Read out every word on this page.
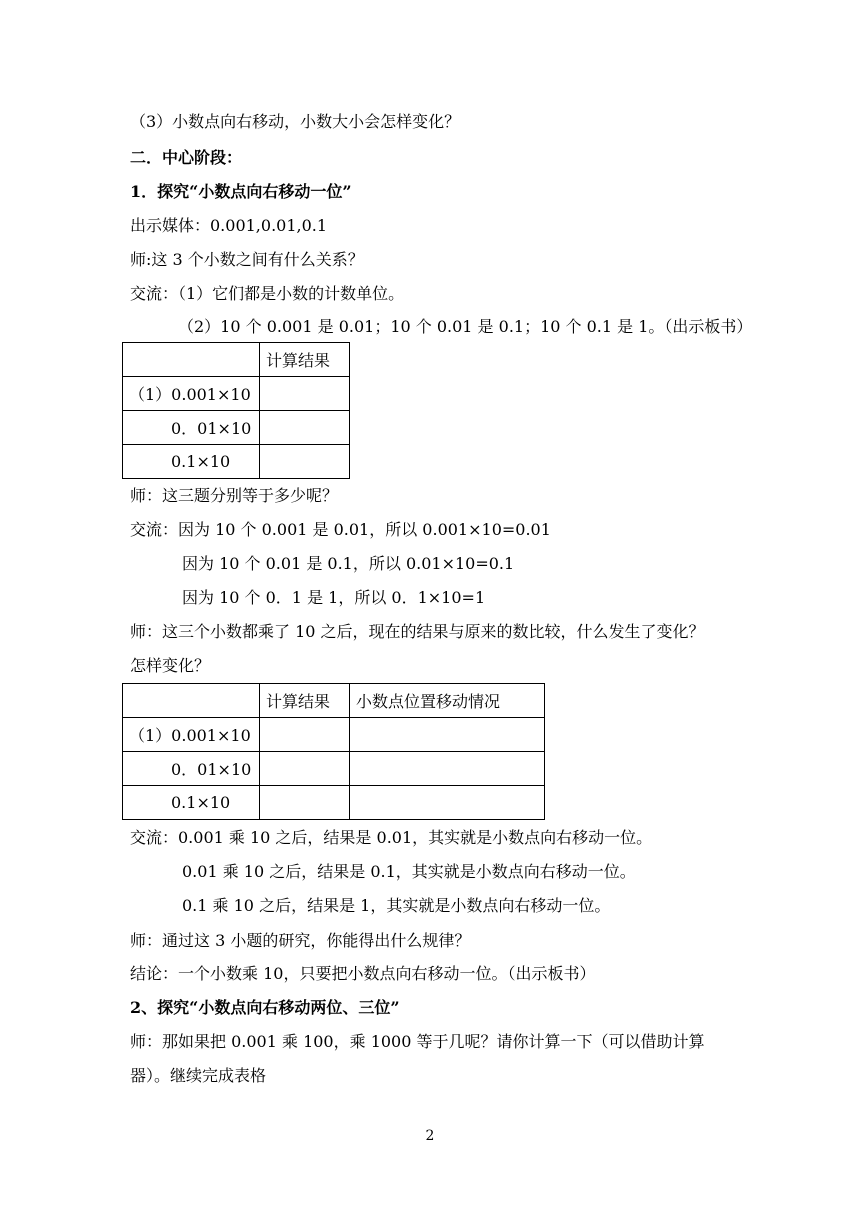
（3）小数点向右移动，小数大小会怎样变化？
二．中心阶段：
1．探究“小数点向右移动一位”
出示媒体：0.001,0.01,0.1
师:这 3 个小数之间有什么关系？
交流：（1）它们都是小数的计数单位。
（2）10 个 0.001 是 0.01；10 个 0.01 是 0.1；10 个 0.1 是 1。（出示板书）
	计算结果
（1）0.001×10	
0．01×10	
0.1×10	
师：这三题分别等于多少呢？
交流：因为 10 个 0.001 是 0.01，所以 0.001×10=0.01
因为 10 个 0.01 是 0.1，所以 0.01×10=0.1
因为 10 个 0．1 是 1，所以 0．1×10=1
师：这三个小数都乘了 10 之后，现在的结果与原来的数比较，什么发生了变化？
怎样变化？
	计算结果	小数点位置移动情况
（1）0.001×10		
0．01×10		
0.1×10		
交流：0.001 乘 10 之后，结果是 0.01，其实就是小数点向右移动一位。
0.01 乘 10 之后，结果是 0.1，其实就是小数点向右移动一位。
0.1 乘 10 之后，结果是 1，其实就是小数点向右移动一位。
师：通过这 3 小题的研究，你能得出什么规律？
结论：一个小数乘 10，只要把小数点向右移动一位。（出示板书）
2、探究“小数点向右移动两位、三位”
师：那如果把 0.001 乘 100，乘 1000 等于几呢？请你计算一下（可以借助计算
器）。继续完成表格
2
